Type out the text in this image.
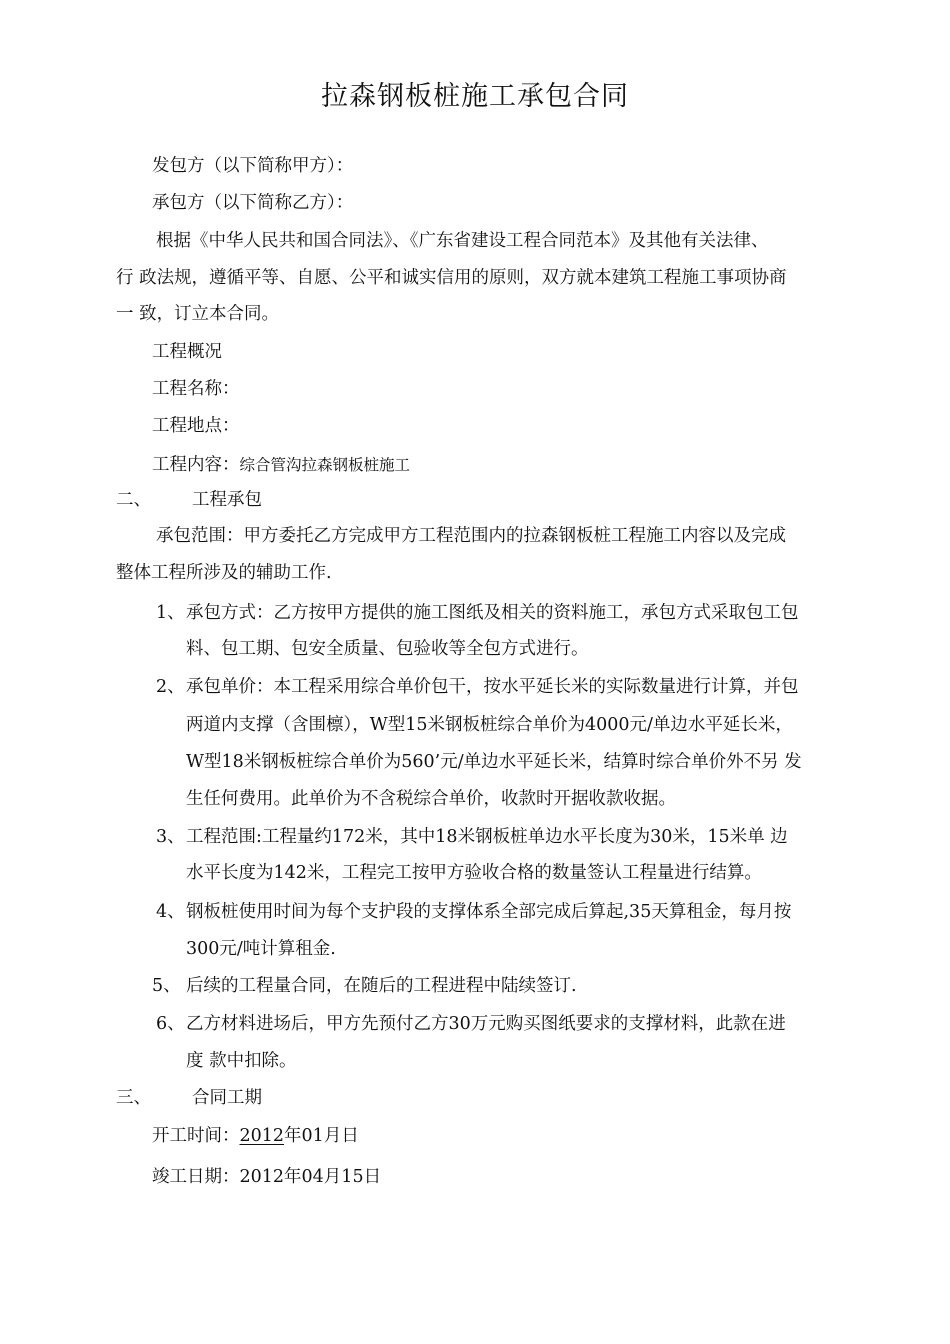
拉森钢板桩施工承包合同
发包方（以下简称甲方）：
承包方（以下简称乙方）：
根据《中华人民共和国合同法》、《广东省建设工程合同范本》及其他有关法律、
行 政法规，遵循平等、自愿、公平和诚实信用的原则，双方就本建筑工程施工事项协商
一 致，订立本合同。
工程概况
工程名称：
工程地点：
工程内容：综合管沟拉森钢板桩施工
二、 工程承包
承包范围：甲方委托乙方完成甲方工程范围内的拉森钢板桩工程施工内容以及完成
整体工程所涉及的辅助工作.
1、 承包方式：乙方按甲方提供的施工图纸及相关的资料施工，承包方式采取包工包
料、包工期、包安全质量、包验收等全包方式进行。
2、 承包单价：本工程采用综合单价包干，按水平延长米的实际数量进行计算，并包
两道内支撑（含围檩），W型15米钢板桩综合单价为4000元/单边水平延长米，
W型18米钢板桩综合单价为560’元/单边水平延长米，结算时综合单价外不另 发
生任何费用。此单价为不含税综合单价，收款时开据收款收据。
3、 工程范围:工程量约172米，其中18米钢板桩单边水平长度为30米，15米单 边
水平长度为142米，工程完工按甲方验收合格的数量签认工程量进行结算。
4、 钢板桩使用时间为每个支护段的支撑体系全部完成后算起,35天算租金，每月按
300元/吨计算租金.
5、 后续的工程量合同，在随后的工程进程中陆续签订.
6、 乙方材料进场后，甲方先预付乙方30万元购买图纸要求的支撑材料，此款在进
度 款中扣除。
三、 合同工期
开工时间：2012年01月日
竣工日期：2012年04月15日
